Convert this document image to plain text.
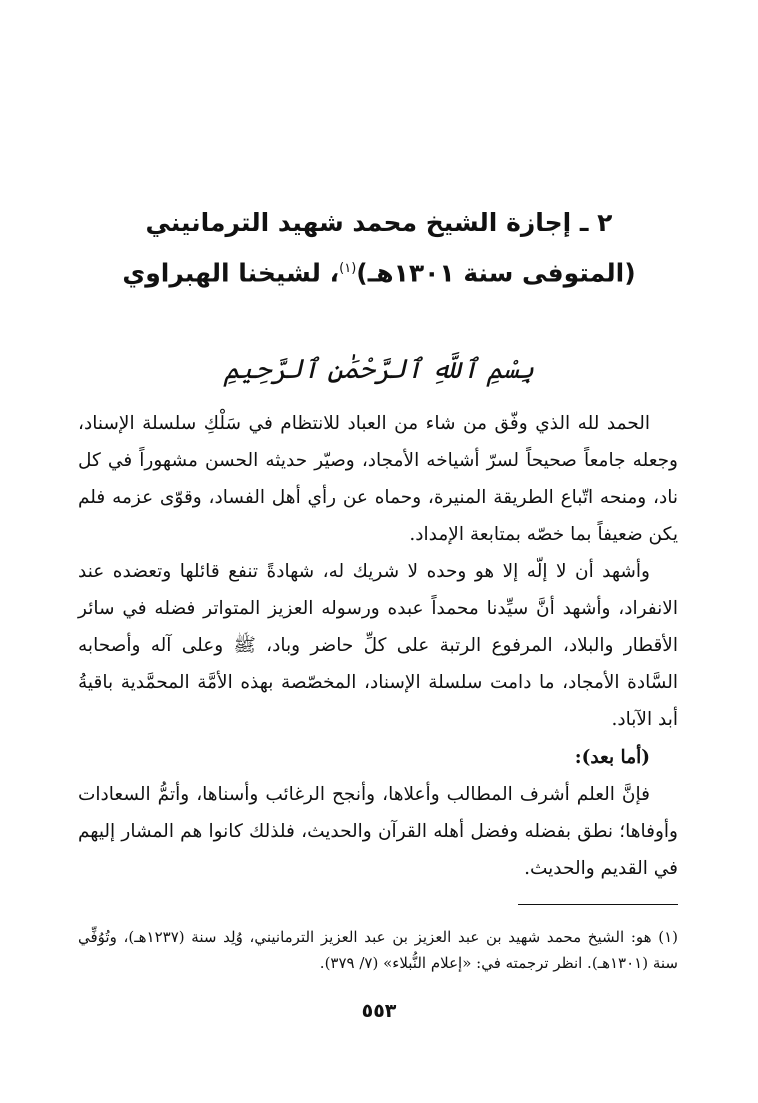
٢ ـ إجازة الشيخ محمد شهيد الترمانيني
(المتوفى سنة ١٣٠١هـ)$^{(١)}$، لشيخنا الهبراوي
بِسْمِ ٱللَّهِ ٱلرَّحْمَٰنِ ٱلرَّحِيمِ

الحمد لله الذي وفّق من شاء من العباد للانتظام في سَلْكِ سلسلة الإسناد، وجعله جامعاً صحيحاً لسرّ أشياخه الأمجاد، وصيّر حديثه الحسن مشهوراً في كل ناد، ومنحه اتّباع الطريقة المنيرة، وحماه عن رأي أهل الفساد، وقوّى عزمه فلم يكن ضعيفاً بما خصّه بمتابعة الإمداد.

وأشهد أن لا إلّه إلا هو وحده لا شريك له، شهادةً تنفع قائلها وتعضده عند الانفراد، وأشهد أنَّ سيِّدنا محمداً عبده ورسوله العزيز المتواتر فضله في سائر الأقطار والبلاد، المرفوع الرتبة على كلِّ حاضر وباد، ﷺ وعلى آله وأصحابه السَّادة الأمجاد، ما دامت سلسلة الإسناد، المخصّصة بهذه الأمَّة المحمَّدية باقيةُ أبد الآباد.

(أما بعد):

فإنَّ العلم أشرف المطالب وأعلاها، وأنجح الرغائب وأسناها، وأتمُّ السعادات وأوفاها؛ نطق بفضله وفضل أهله القرآن والحديث، فلذلك كانوا هم المشار إليهم في القديم والحديث.

(١) هو: الشيخ محمد شهيد بن عبد العزيز بن عبد العزيز الترمانيني، وُلِد سنة (١٢٣٧هـ)، وتُوُفِّي سنة (١٣٠١هـ). انظر ترجمته في: «إعلام النُّبلاء» (٧/ ٣٧٩).
٥٥٣
